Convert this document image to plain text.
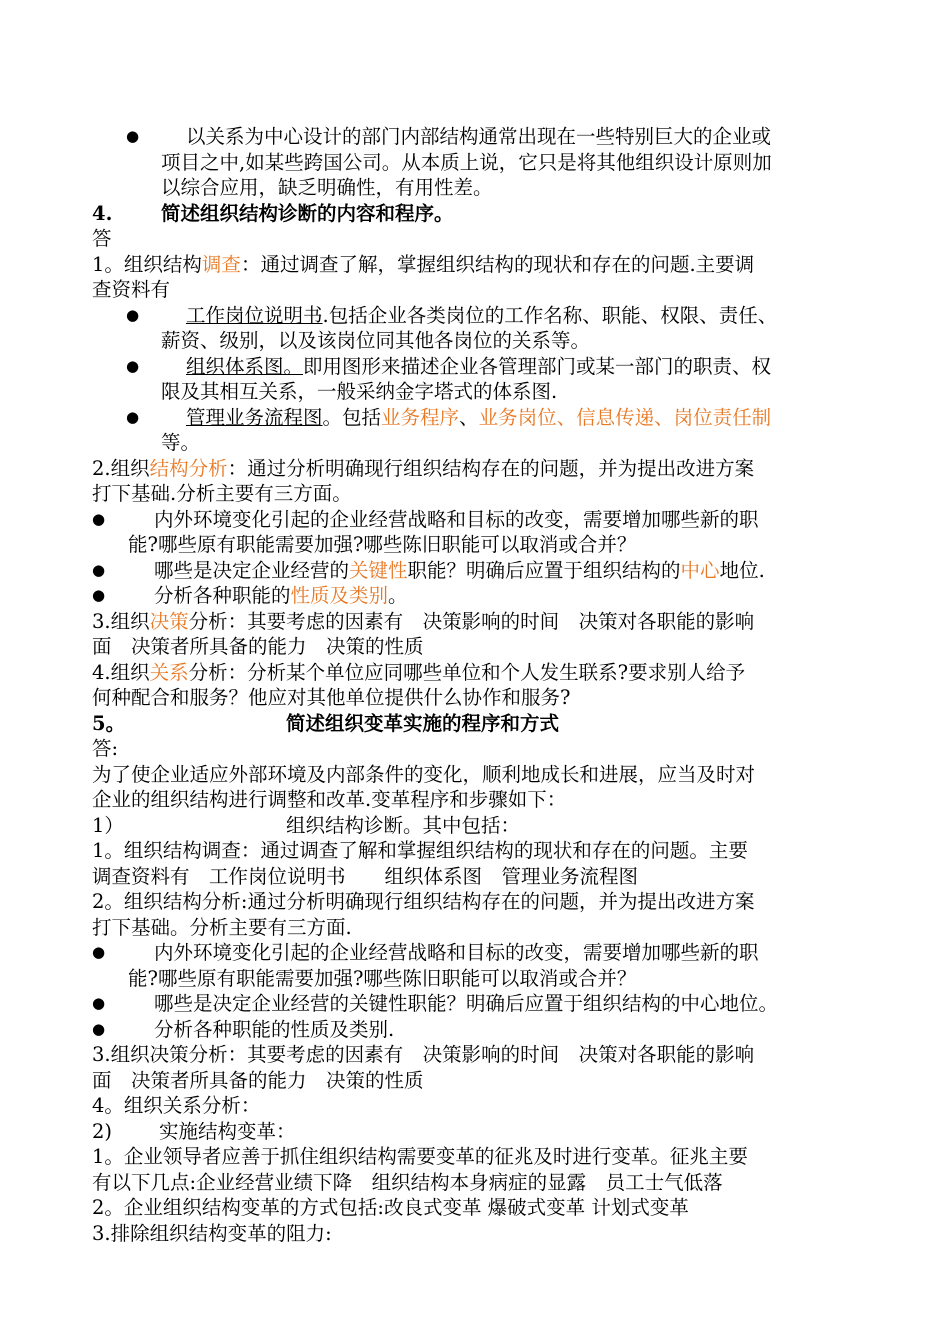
● 以关系为中心设计的部门内部结构通常出现在一些特别巨大的企业或
项目之中,如某些跨国公司。从本质上说，它只是将其他组织设计原则加
以综合应用，缺乏明确性，有用性差。
4. 简述组织结构诊断的内容和程序。
答
1。组织结构调查：通过调查了解，掌握组织结构的现状和存在的问题.主要调
查资料有
● 工作岗位说明书.包括企业各类岗位的工作名称、职能、权限、责任、
薪资、级别，以及该岗位同其他各岗位的关系等。
● 组织体系图。即用图形来描述企业各管理部门或某一部门的职责、权
限及其相互关系，一般采纳金字塔式的体系图.
● 管理业务流程图。包括业务程序、业务岗位、信息传递、岗位责任制
等。
2.组织结构分析：通过分析明确现行组织结构存在的问题，并为提出改进方案
打下基础.分析主要有三方面。
●	内外环境变化引起的企业经营战略和目标的改变，需要增加哪些新的职
能?哪些原有职能需要加强?哪些陈旧职能可以取消或合并？
●	哪些是决定企业经营的关键性职能？明确后应置于组织结构的中心地位.
●	分析各种职能的性质及类别。
3.组织决策分析：其要考虑的因素有　决策影响的时间　决策对各职能的影响
面　决策者所具备的能力　决策的性质
4.组织关系分析：分析某个单位应同哪些单位和个人发生联系?要求别人给予
何种配合和服务？他应对其他单位提供什么协作和服务?
5。	简述组织变革实施的程序和方式
答:
为了使企业适应外部环境及内部条件的变化，顺利地成长和进展，应当及时对
企业的组织结构进行调整和改革.变革程序和步骤如下：
1）	组织结构诊断。其中包括：
1。组织结构调查：通过调查了解和掌握组织结构的现状和存在的问题。主要
调查资料有　工作岗位说明书　　组织体系图　管理业务流程图
2。组织结构分析:通过分析明确现行组织结构存在的问题，并为提出改进方案
打下基础。分析主要有三方面.
●	内外环境变化引起的企业经营战略和目标的改变，需要增加哪些新的职
能?哪些原有职能需要加强?哪些陈旧职能可以取消或合并？
●	哪些是决定企业经营的关键性职能？明确后应置于组织结构的中心地位。
●	分析各种职能的性质及类别.
3.组织决策分析：其要考虑的因素有　决策影响的时间　决策对各职能的影响
面　决策者所具备的能力　决策的性质
4。组织关系分析：
2) 实施结构变革：
1。企业领导者应善于抓住组织结构需要变革的征兆及时进行变革。征兆主要
有以下几点:企业经营业绩下降　组织结构本身病症的显露　员工士气低落
2。企业组织结构变革的方式包括:改良式变革 爆破式变革 计划式变革
3.排除组织结构变革的阻力:
